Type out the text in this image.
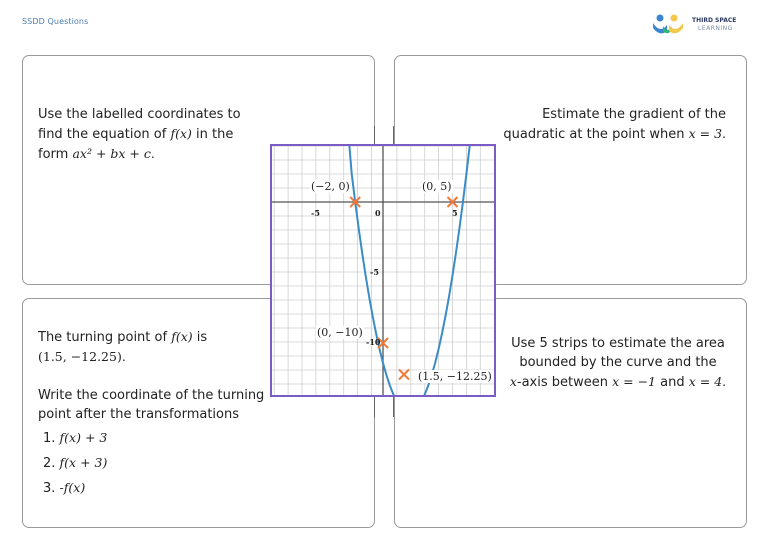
SSDD Questions	THIRD SPACE
LEARNING
Use the labelled coordinates to
find the equation of f(x) in the
form ax² + bx + c.
Estimate the gradient of the
quadratic at the point when x = 3.
The turning point of f(x) is
(1.5, −12.25).
Write the coordinate of the turning
point after the transformations
1. f(x) + 3
2. f(x + 3)
3. -f(x)
Use 5 strips to estimate the area
bounded by the curve and the
x-axis between x = −1 and x = 4.
(−2, 0)	(0, 5)
(0, −10)
(1.5, −12.25)
-5	0	5
-5
-10
